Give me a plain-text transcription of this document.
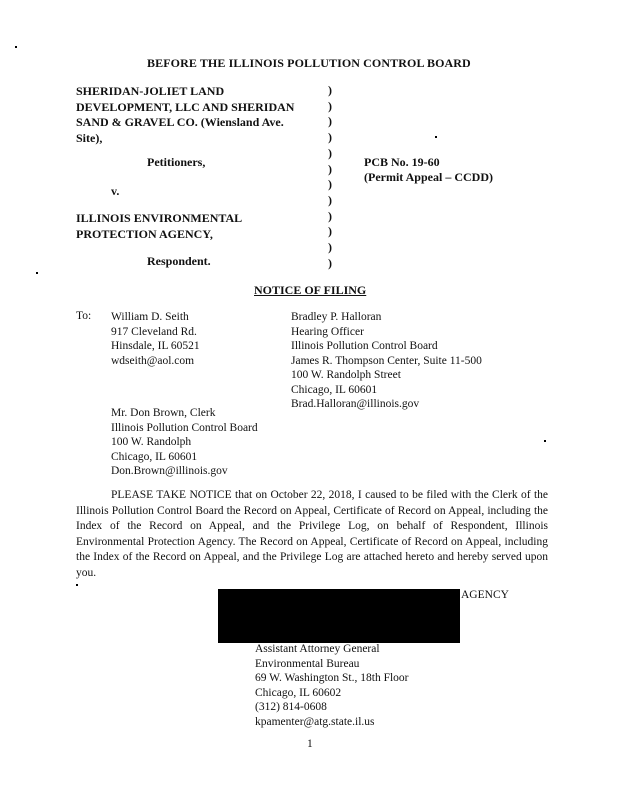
BEFORE THE ILLINOIS POLLUTION CONTROL BOARD
SHERIDAN-JOLIET LAND
DEVELOPMENT, LLC AND SHERIDAN
SAND & GRAVEL CO. (Wiensland Ave.
Site),
Petitioners,
v.
ILLINOIS ENVIRONMENTAL
PROTECTION AGENCY,
Respondent.
)
)
)
)
)
)
)
)
)
)
)
)
PCB No. 19-60
(Permit Appeal – CCDD)
NOTICE OF FILING
To: William D. Seith
917 Cleveland Rd.
Hinsdale, IL 60521
wdseith@aol.com
Bradley P. Halloran
Hearing Officer
Illinois Pollution Control Board
James R. Thompson Center, Suite 11-500
100 W. Randolph Street
Chicago, IL 60601
Brad.Halloran@illinois.gov
Mr. Don Brown, Clerk
Illinois Pollution Control Board
100 W. Randolph
Chicago, IL 60601
Don.Brown@illinois.gov
PLEASE TAKE NOTICE that on October 22, 2018, I caused to be filed with the Clerk of the Illinois Pollution Control Board the Record on Appeal, Certificate of Record on Appeal, including the Index of the Record on Appeal, and the Privilege Log, on behalf of Respondent, Illinois Environmental Protection Agency. The Record on Appeal, Certificate of Record on Appeal, including the Index of the Record on Appeal, and the Privilege Log are attached hereto and hereby served upon you.
AGENCY
Assistant Attorney General
Environmental Bureau
69 W. Washington St., 18th Floor
Chicago, IL 60602
(312) 814-0608
kpamenter@atg.state.il.us
1
